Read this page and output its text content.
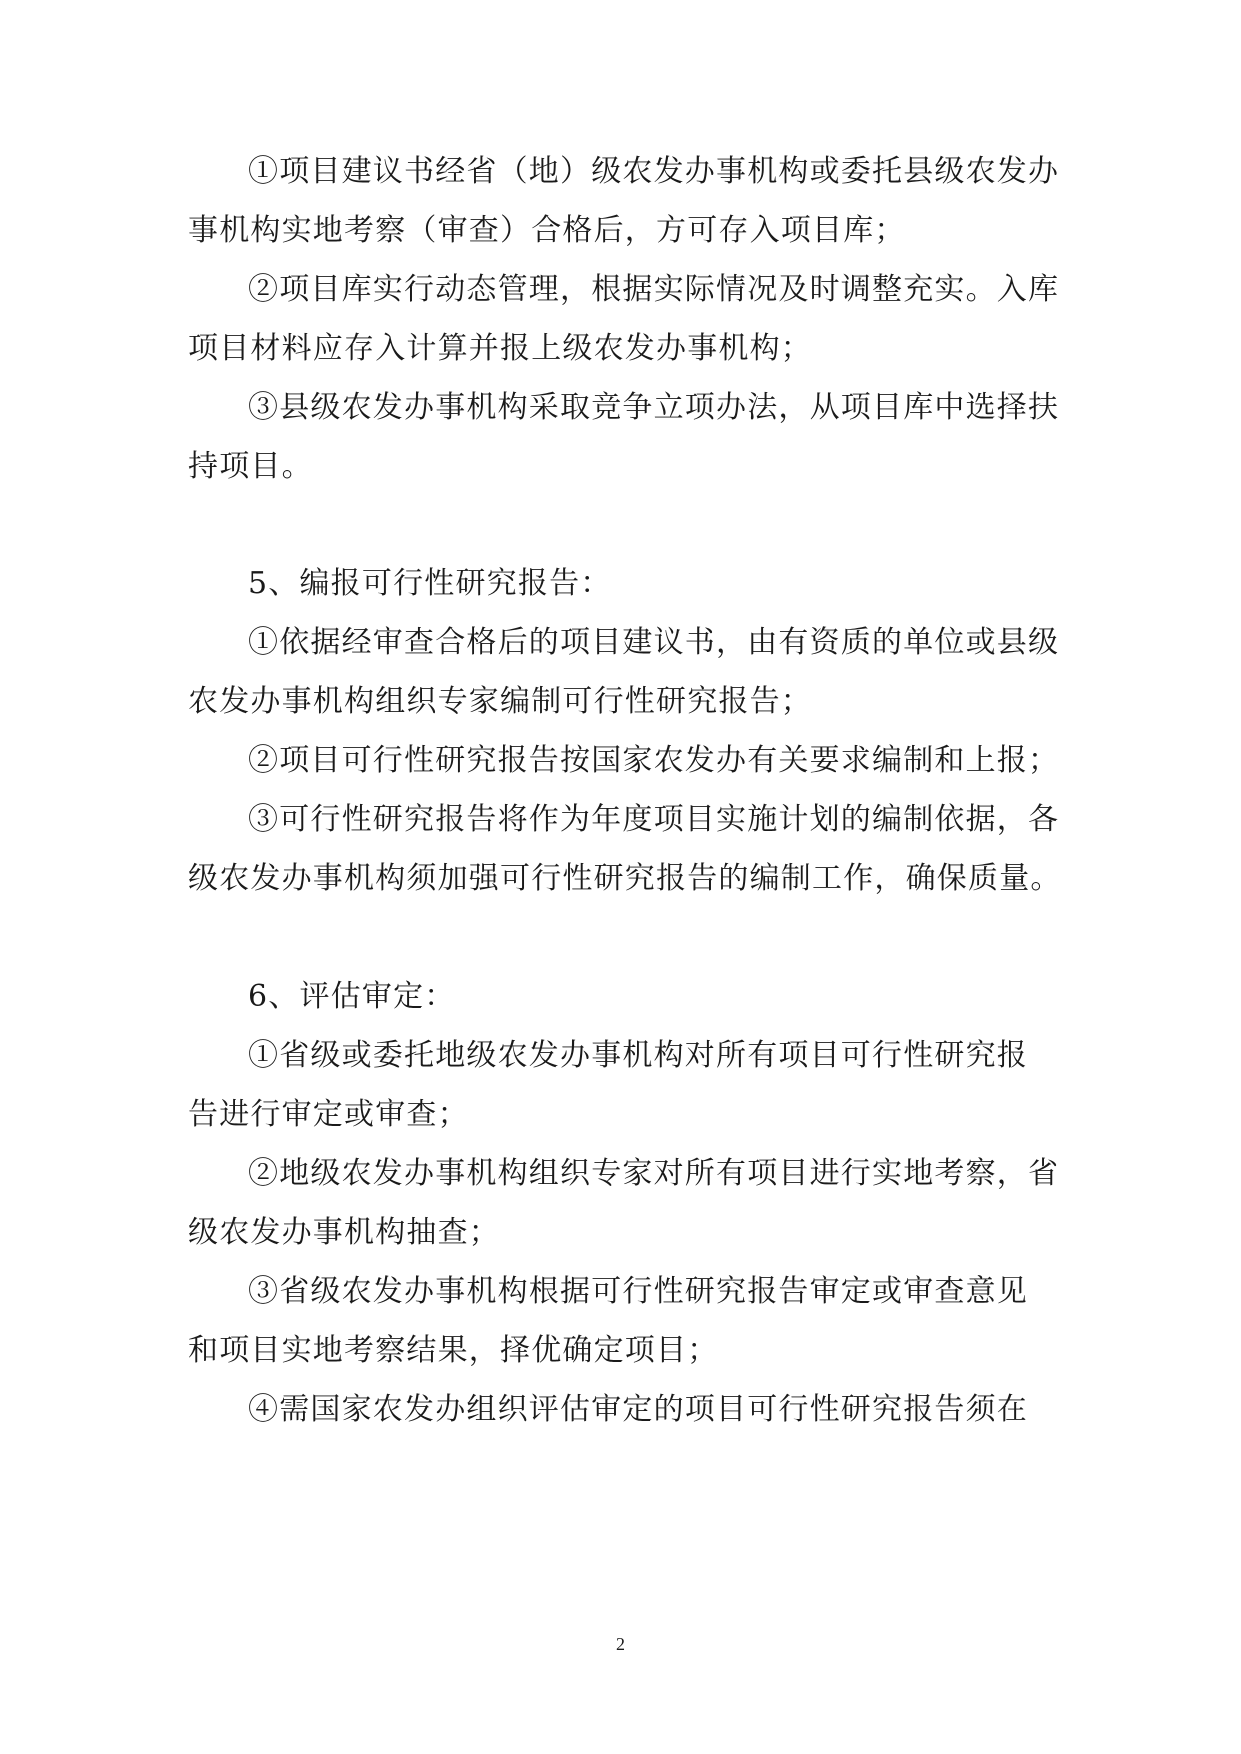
①项目建议书经省（地）级农发办事机构或委托县级农发办
事机构实地考察（审查）合格后，方可存入项目库；
②项目库实行动态管理，根据实际情况及时调整充实。入库
项目材料应存入计算并报上级农发办事机构；
③县级农发办事机构采取竞争立项办法，从项目库中选择扶
持项目。
5、编报可行性研究报告：
①依据经审查合格后的项目建议书，由有资质的单位或县级
农发办事机构组织专家编制可行性研究报告；
②项目可行性研究报告按国家农发办有关要求编制和上报；
③可行性研究报告将作为年度项目实施计划的编制依据，各
级农发办事机构须加强可行性研究报告的编制工作，确保质量。
6、评估审定：
①省级或委托地级农发办事机构对所有项目可行性研究报
告进行审定或审查；
②地级农发办事机构组织专家对所有项目进行实地考察，省
级农发办事机构抽查；
③省级农发办事机构根据可行性研究报告审定或审查意见
和项目实地考察结果，择优确定项目；
④需国家农发办组织评估审定的项目可行性研究报告须在
2
